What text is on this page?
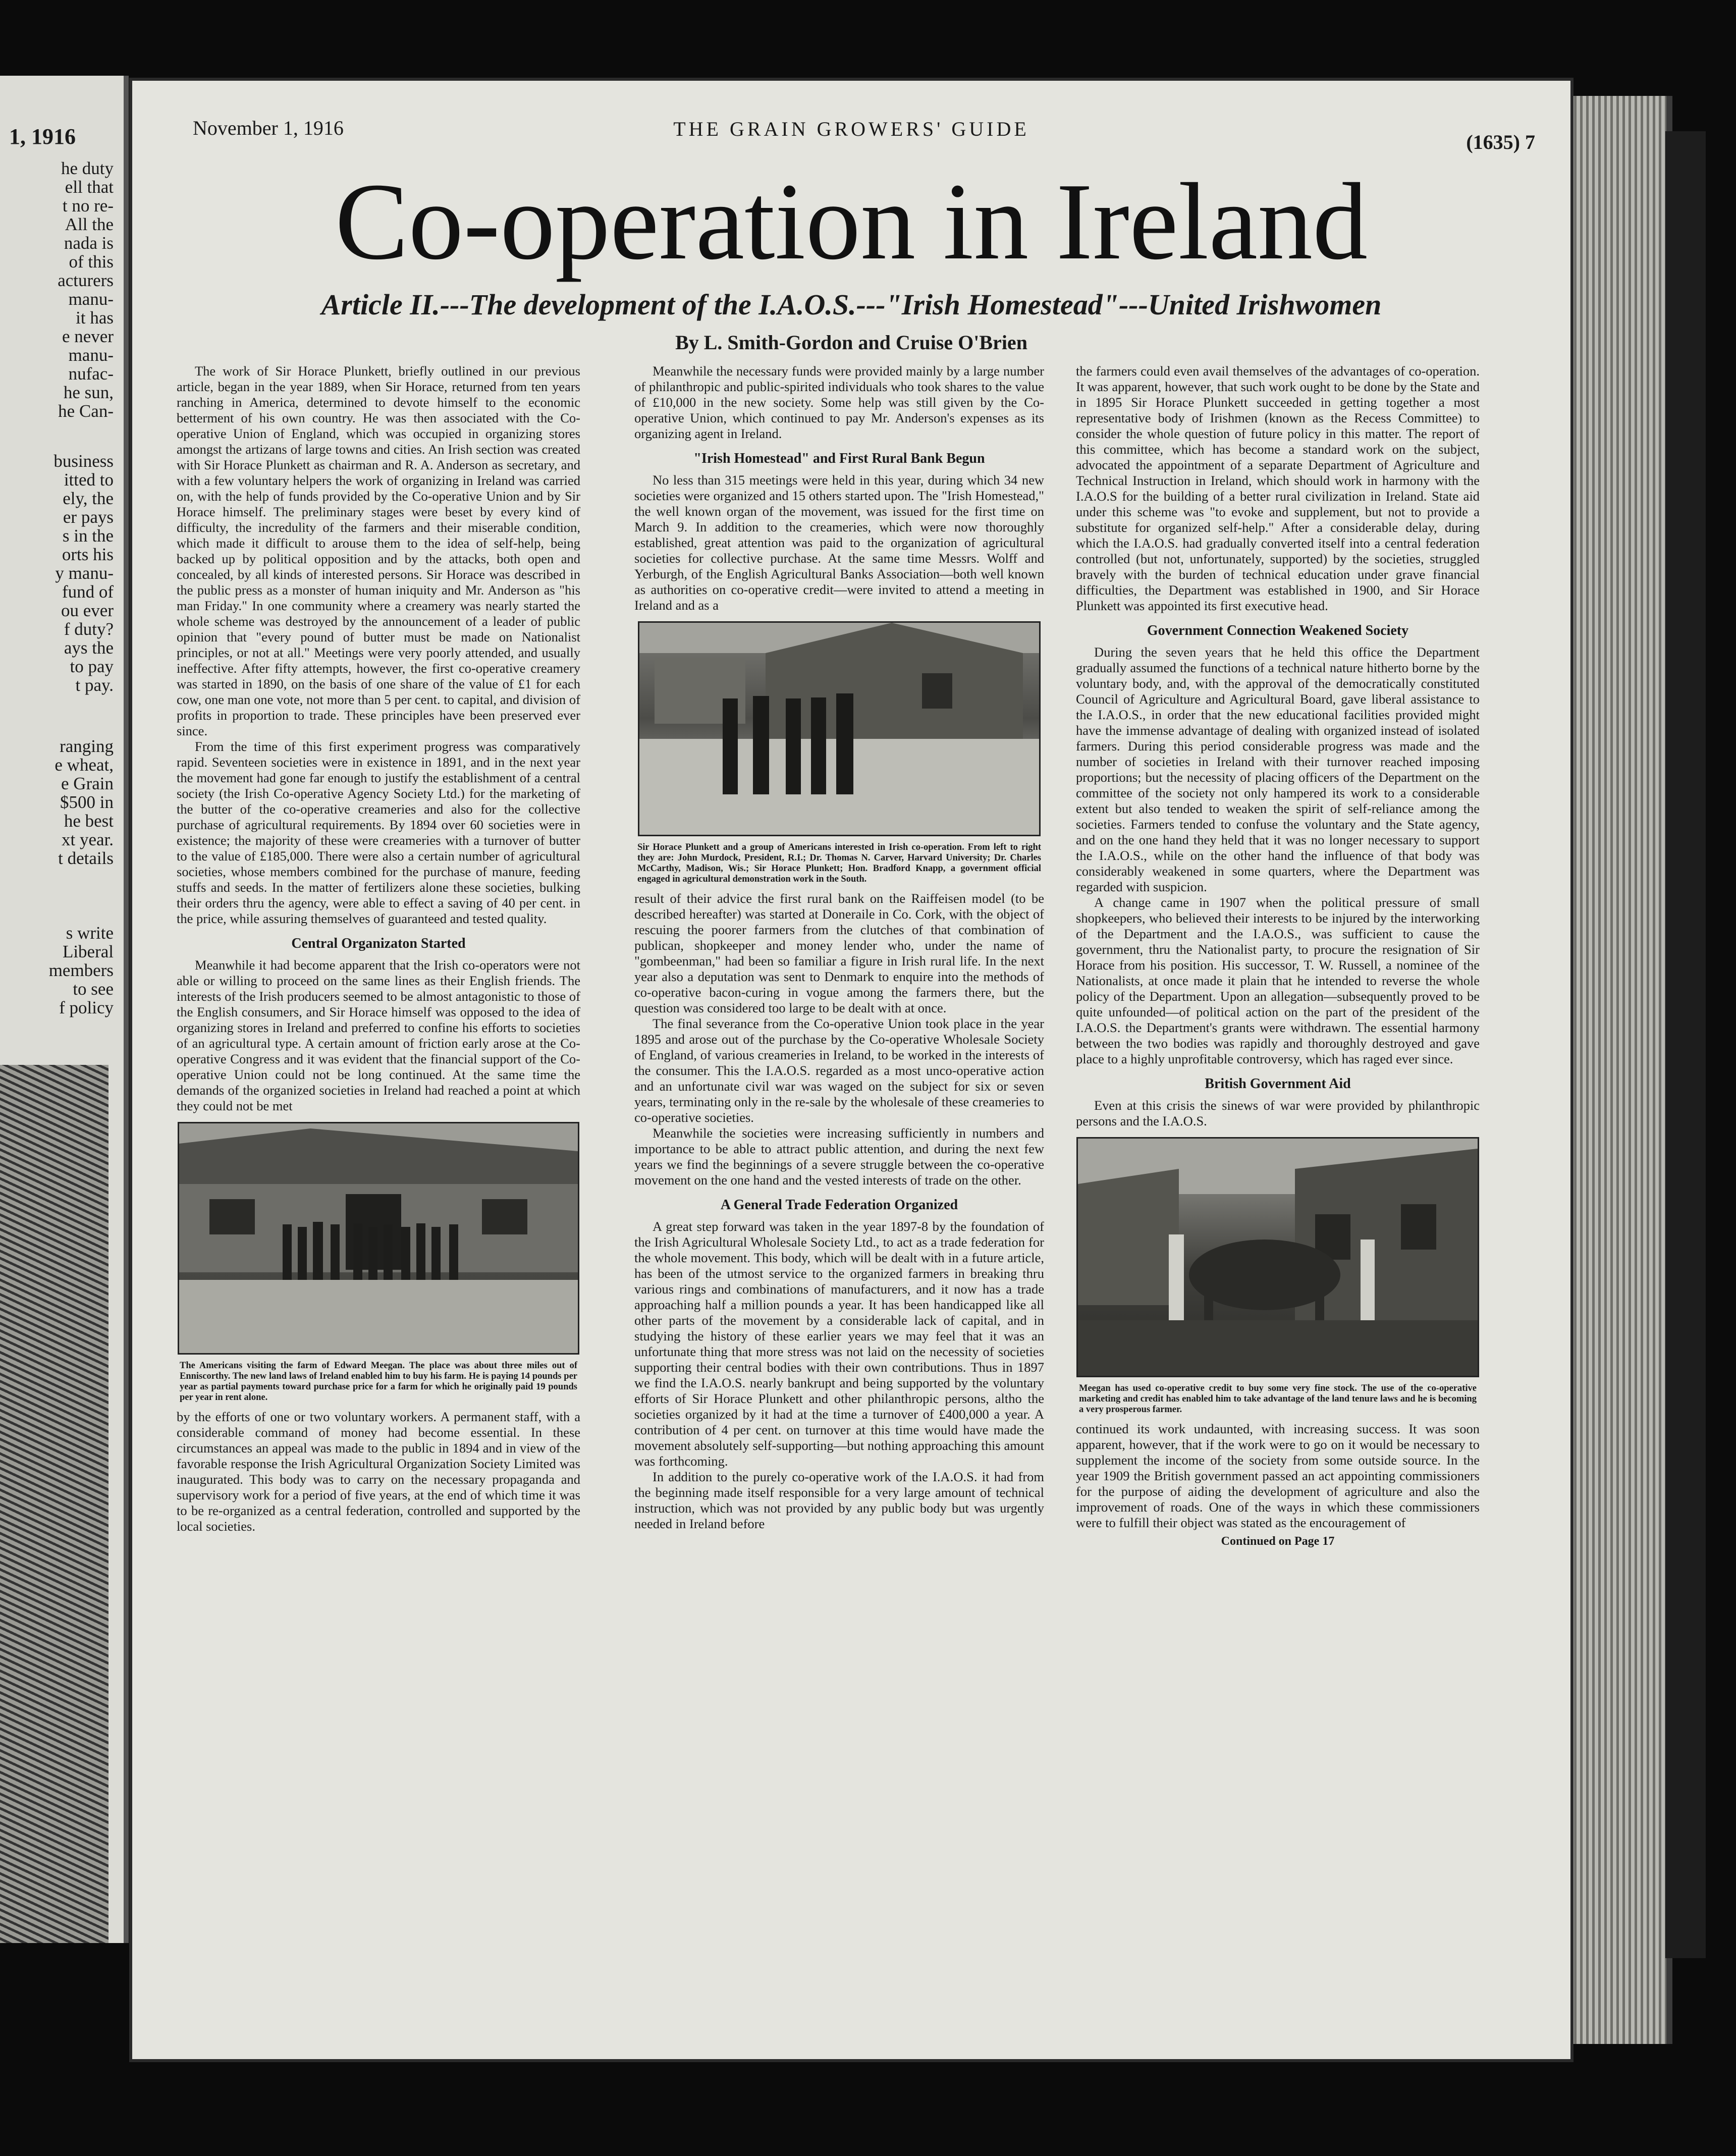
1, 1916
he duty
ell that
t no re-
All the
nada is
of this
acturers
manu-
it has
e never
manu-
nufac-
he sun,
he Can-
business
itted to
ely, the
er pays
s in the
orts his
y manu-
fund of
ou ever
f duty?
ays the
to pay
t pay.
ranging
e wheat,
e Grain
$500 in
he best
xt year.
t details
s write
Liberal
members
to see
f policy
November 1, 1916	THE GRAIN GROWERS' GUIDE
(1635) 7
Co-operation in Ireland
Article II.---The development of the I.A.O.S.---"Irish Homestead"---United Irishwomen
By L. Smith-Gordon and Cruise O'Brien

The work of Sir Horace Plunkett, briefly outlined in our previous article, began in the year 1889, when Sir Horace, returned from ten years ranching in America, determined to devote himself to the economic betterment of his own country. He was then associated with the Co-operative Union of England, which was occupied in organizing stores amongst the artizans of large towns and cities. An Irish section was created with Sir Horace Plunkett as chairman and R. A. Anderson as secretary, and with a few voluntary helpers the work of organizing in Ireland was carried on, with the help of funds provided by the Co-operative Union and by Sir Horace himself. The preliminary stages were beset by every kind of difficulty, the incredulity of the farmers and their miserable condition, which made it difficult to arouse them to the idea of self-help, being backed up by political opposition and by the attacks, both open and concealed, by all kinds of interested persons. Sir Horace was described in the public press as a monster of human iniquity and Mr. Anderson as "his man Friday." In one community where a creamery was nearly started the whole scheme was destroyed by the announcement of a leader of public opinion that "every pound of butter must be made on Nationalist principles, or not at all." Meetings were very poorly attended, and usually ineffective. After fifty attempts, however, the first co-operative creamery was started in 1890, on the basis of one share of the value of £1 for each cow, one man one vote, not more than 5 per cent. to capital, and division of profits in proportion to trade. These principles have been preserved ever since.

From the time of this first experiment progress was comparatively rapid. Seventeen societies were in existence in 1891, and in the next year the movement had gone far enough to justify the establishment of a central society (the Irish Co-operative Agency Society Ltd.) for the marketing of the butter of the co-operative creameries and also for the collective purchase of agricultural requirements. By 1894 over 60 societies were in existence; the majority of these were creameries with a turnover of butter to the value of £185,000. There were also a certain number of agricultural societies, whose members combined for the purchase of manure, feeding stuffs and seeds. In the matter of fertilizers alone these societies, bulking their orders thru the agency, were able to effect a saving of 40 per cent. in the price, while assuring themselves of guaranteed and tested quality.

Central Organizaton Started

Meanwhile it had become apparent that the Irish co-operators were not able or willing to proceed on the same lines as their English friends. The interests of the Irish producers seemed to be almost antagonistic to those of the English consumers, and Sir Horace himself was opposed to the idea of organizing stores in Ireland and preferred to confine his efforts to societies of an agricultural type. A certain amount of friction early arose at the Co-operative Congress and it was evident that the financial support of the Co-operative Union could not be long continued. At the same time the demands of the organized societies in Ireland had reached a point at which they could not be met

The Americans visiting the farm of Edward Meegan. The place was about three miles out of Enniscorthy. The new land laws of Ireland enabled him to buy his farm. He is paying 14 pounds per year as partial payments toward purchase price for a farm for which he originally paid 19 pounds per year in rent alone.

by the efforts of one or two voluntary workers. A permanent staff, with a considerable command of money had become essential. In these circumstances an appeal was made to the public in 1894 and in view of the favorable response the Irish Agricultural Organization Society Limited was inaugurated. This body was to carry on the necessary propaganda and supervisory work for a period of five years, at the end of which time it was to be re-organized as a central federation, controlled and supported by the local societies.

Meanwhile the necessary funds were provided mainly by a large number of philanthropic and public-spirited individuals who took shares to the value of £10,000 in the new society. Some help was still given by the Co-operative Union, which continued to pay Mr. Anderson's expenses as its organizing agent in Ireland.

"Irish Homestead" and First Rural Bank Begun

No less than 315 meetings were held in this year, during which 34 new societies were organized and 15 others started upon. The "Irish Homestead," the well known organ of the movement, was issued for the first time on March 9. In addition to the creameries, which were now thoroughly established, great attention was paid to the organization of agricultural societies for collective purchase. At the same time Messrs. Wolff and Yerburgh, of the English Agricultural Banks Association—both well known as authorities on co-operative credit—were invited to attend a meeting in Ireland and as a

Sir Horace Plunkett and a group of Americans interested in Irish co-operation. From left to right they are: John Murdock, President, R.I.; Dr. Thomas N. Carver, Harvard University; Dr. Charles McCarthy, Madison, Wis.; Sir Horace Plunkett; Hon. Bradford Knapp, a government official engaged in agricultural demonstration work in the South.

result of their advice the first rural bank on the Raiffeisen model (to be described hereafter) was started at Doneraile in Co. Cork, with the object of rescuing the poorer farmers from the clutches of that combination of publican, shopkeeper and money lender who, under the name of "gombeenman," had been so familiar a figure in Irish rural life. In the next year also a deputation was sent to Denmark to enquire into the methods of co-operative bacon-curing in vogue among the farmers there, but the question was considered too large to be dealt with at once.

The final severance from the Co-operative Union took place in the year 1895 and arose out of the purchase by the Co-operative Wholesale Society of England, of various creameries in Ireland, to be worked in the interests of the consumer. This the I.A.O.S. regarded as a most unco-operative action and an unfortunate civil war was waged on the subject for six or seven years, terminating only in the re-sale by the wholesale of these creameries to co-operative societies.

Meanwhile the societies were increasing sufficiently in numbers and importance to be able to attract public attention, and during the next few years we find the beginnings of a severe struggle between the co-operative movement on the one hand and the vested interests of trade on the other.

A General Trade Federation Organized

A great step forward was taken in the year 1897-8 by the foundation of the Irish Agricultural Wholesale Society Ltd., to act as a trade federation for the whole movement. This body, which will be dealt with in a future article, has been of the utmost service to the organized farmers in breaking thru various rings and combinations of manufacturers, and it now has a trade approaching half a million pounds a year. It has been handicapped like all other parts of the movement by a considerable lack of capital, and in studying the history of these earlier years we may feel that it was an unfortunate thing that more stress was not laid on the necessity of societies supporting their central bodies with their own contributions. Thus in 1897 we find the I.A.O.S. nearly bankrupt and being supported by the voluntary efforts of Sir Horace Plunkett and other philanthropic persons, altho the societies organized by it had at the time a turnover of £400,000 a year. A contribution of 4 per cent. on turnover at this time would have made the movement absolutely self-supporting—but nothing approaching this amount was forthcoming.

In addition to the purely co-operative work of the I.A.O.S. it had from the beginning made itself responsible for a very large amount of technical instruction, which was not provided by any public body but was urgently needed in Ireland before

the farmers could even avail themselves of the advantages of co-operation. It was apparent, however, that such work ought to be done by the State and in 1895 Sir Horace Plunkett succeeded in getting together a most representative body of Irishmen (known as the Recess Committee) to consider the whole question of future policy in this matter. The report of this committee, which has become a standard work on the subject, advocated the appointment of a separate Department of Agriculture and Technical Instruction in Ireland, which should work in harmony with the I.A.O.S for the building of a better rural civilization in Ireland. State aid under this scheme was "to evoke and supplement, but not to provide a substitute for organized self-help." After a considerable delay, during which the I.A.O.S. had gradually converted itself into a central federation controlled (but not, unfortunately, supported) by the societies, struggled bravely with the burden of technical education under grave financial difficulties, the Department was established in 1900, and Sir Horace Plunkett was appointed its first executive head.

Government Connection Weakened Society

During the seven years that he held this office the Department gradually assumed the functions of a technical nature hitherto borne by the voluntary body, and, with the approval of the democratically constituted Council of Agriculture and Agricultural Board, gave liberal assistance to the I.A.O.S., in order that the new educational facilities provided might have the immense advantage of dealing with organized instead of isolated farmers. During this period considerable progress was made and the number of societies in Ireland with their turnover reached imposing proportions; but the necessity of placing officers of the Department on the committee of the society not only hampered its work to a considerable extent but also tended to weaken the spirit of self-reliance among the societies. Farmers tended to confuse the voluntary and the State agency, and on the one hand they held that it was no longer necessary to support the I.A.O.S., while on the other hand the influence of that body was considerably weakened in some quarters, where the Department was regarded with suspicion.

A change came in 1907 when the political pressure of small shopkeepers, who believed their interests to be injured by the interworking of the Department and the I.A.O.S., was sufficient to cause the government, thru the Nationalist party, to procure the resignation of Sir Horace from his position. His successor, T. W. Russell, a nominee of the Nationalists, at once made it plain that he intended to reverse the whole policy of the Department. Upon an allegation—subsequently proved to be quite unfounded—of political action on the part of the president of the I.A.O.S. the Department's grants were withdrawn. The essential harmony between the two bodies was rapidly and thoroughly destroyed and gave place to a highly unprofitable controversy, which has raged ever since.

British Government Aid

Even at this crisis the sinews of war were provided by philanthropic persons and the I.A.O.S.

Meegan has used co-operative credit to buy some very fine stock. The use of the co-operative marketing and credit has enabled him to take advantage of the land tenure laws and he is becoming a very prosperous farmer.

continued its work undaunted, with increasing success. It was soon apparent, however, that if the work were to go on it would be necessary to supplement the income of the society from some outside source. In the year 1909 the British government passed an act appointing commissioners for the purpose of aiding the development of agriculture and also the improvement of roads. One of the ways in which these commissioners were to fulfill their object was stated as the encouragement of

Continued on Page 17
